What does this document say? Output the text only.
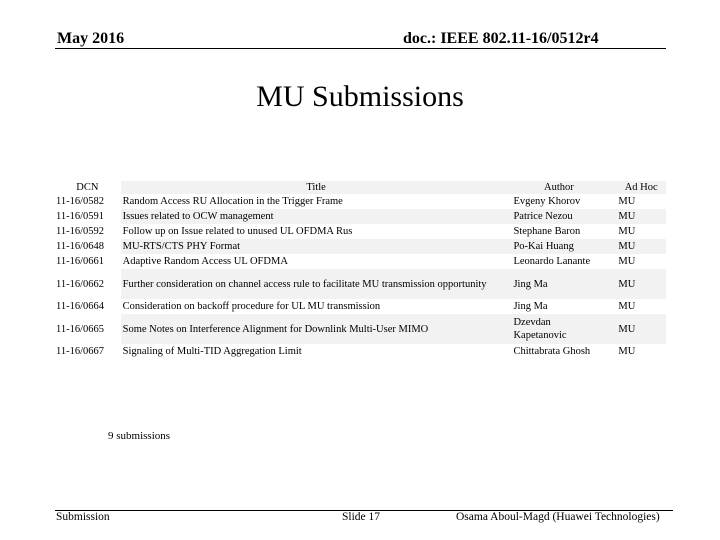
May 2016	doc.: IEEE 802.11-16/0512r4
MU Submissions
DCN	Title	Author	Ad Hoc
11-16/0582	Random Access RU Allocation in the Trigger Frame	Evgeny Khorov	MU
11-16/0591	Issues related to OCW management	Patrice Nezou	MU
11-16/0592	Follow up on Issue related to unused UL OFDMA Rus	Stephane Baron	MU
11-16/0648	MU-RTS/CTS PHY Format	Po-Kai Huang	MU
11-16/0661	Adaptive Random Access UL OFDMA	Leonardo Lanante	MU
11-16/0662	Further consideration on channel access rule to facilitate MU transmission opportunity	Jing Ma	MU
11-16/0664	Consideration on backoff procedure for UL MU transmission	Jing Ma	MU
11-16/0665	Some Notes on Interference Alignment for Downlink Multi-User MIMO	Dzevdan Kapetanovic	MU
11-16/0667	Signaling of Multi-TID Aggregation Limit	Chittabrata Ghosh	MU
9 submissions
Submission	Slide 17	Osama Aboul-Magd (Huawei Technologies)
